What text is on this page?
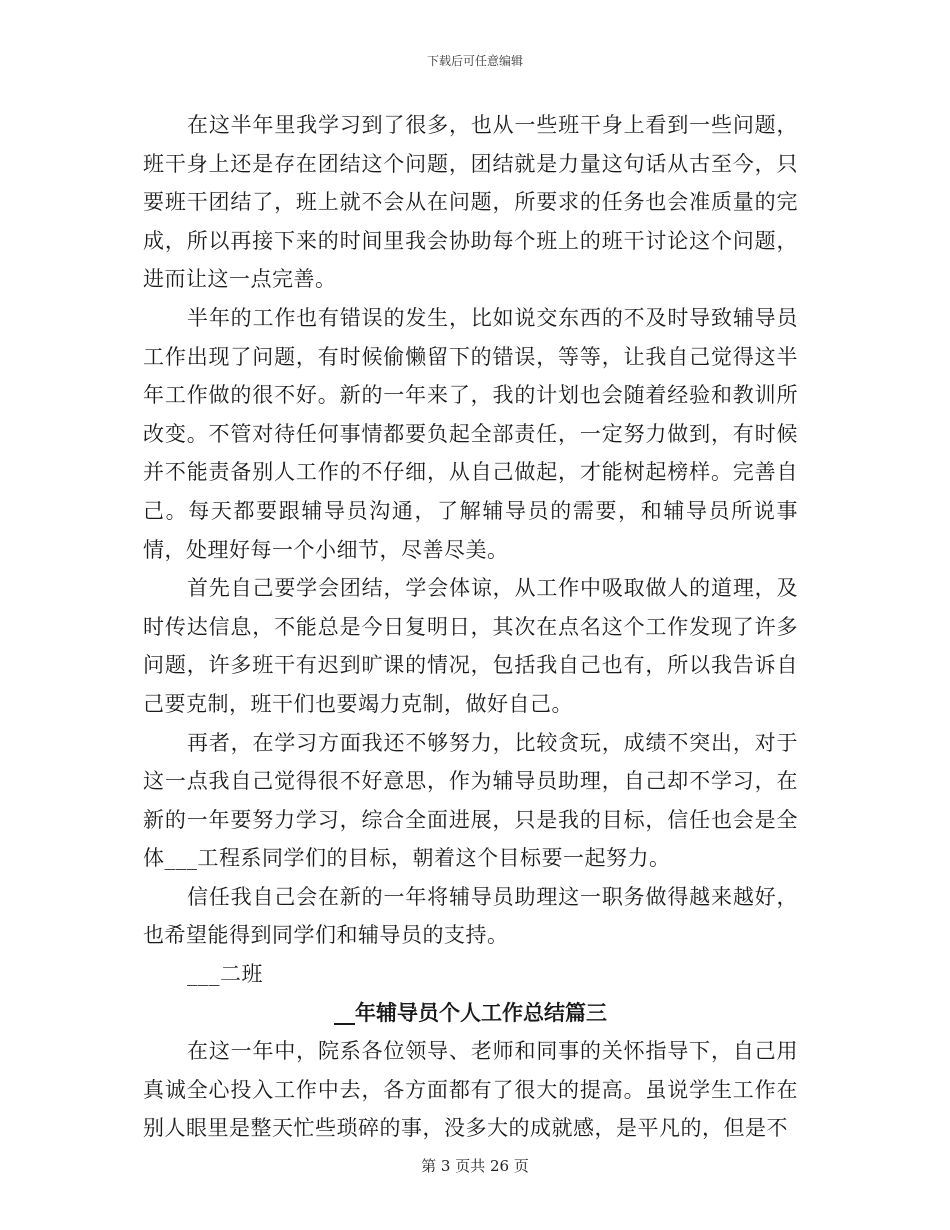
下载后可任意编辑

在这半年里我学习到了很多，也从一些班干身上看到一些问题，班干身上还是存在团结这个问题，团结就是力量这句话从古至今，只要班干团结了，班上就不会从在问题，所要求的任务也会准质量的完成，所以再接下来的时间里我会协助每个班上的班干讨论这个问题，进而让这一点完善。

半年的工作也有错误的发生，比如说交东西的不及时导致辅导员工作出现了问题，有时候偷懒留下的错误，等等，让我自己觉得这半年工作做的很不好。新的一年来了，我的计划也会随着经验和教训所改变。不管对待任何事情都要负起全部责任，一定努力做到，有时候并不能责备别人工作的不仔细，从自己做起，才能树起榜样。完善自己。每天都要跟辅导员沟通，了解辅导员的需要，和辅导员所说事情，处理好每一个小细节，尽善尽美。

首先自己要学会团结，学会体谅，从工作中吸取做人的道理，及时传达信息，不能总是今日复明日，其次在点名这个工作发现了许多问题，许多班干有迟到旷课的情况，包括我自己也有，所以我告诉自己要克制，班干们也要竭力克制，做好自己。

再者，在学习方面我还不够努力，比较贪玩，成绩不突出，对于这一点我自己觉得很不好意思，作为辅导员助理，自己却不学习，在新的一年要努力学习，综合全面进展，只是我的目标，信任也会是全体___工程系同学们的目标，朝着这个目标要一起努力。

信任我自己会在新的一年将辅导员助理这一职务做得越来越好，也希望能得到同学们和辅导员的支持。

___二班

__年辅导员个人工作总结篇三

在这一年中，院系各位领导、老师和同事的关怀指导下，自己用真诚全心投入工作中去，各方面都有了很大的提高。虽说学生工作在别人眼里是整天忙些琐碎的事，没多大的成就感，是平凡的，但是不

第 3 页共 26 页
